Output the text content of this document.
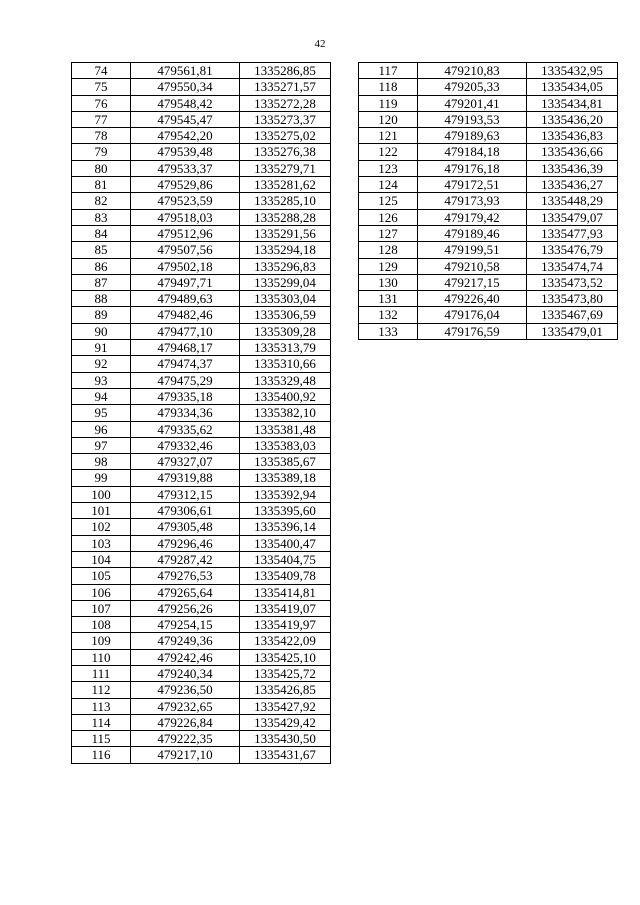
42
74	479561,81	1335286,85
75	479550,34	1335271,57
76	479548,42	1335272,28
77	479545,47	1335273,37
78	479542,20	1335275,02
79	479539,48	1335276,38
80	479533,37	1335279,71
81	479529,86	1335281,62
82	479523,59	1335285,10
83	479518,03	1335288,28
84	479512,96	1335291,56
85	479507,56	1335294,18
86	479502,18	1335296,83
87	479497,71	1335299,04
88	479489,63	1335303,04
89	479482,46	1335306,59
90	479477,10	1335309,28
91	479468,17	1335313,79
92	479474,37	1335310,66
93	479475,29	1335329,48
94	479335,18	1335400,92
95	479334,36	1335382,10
96	479335,62	1335381,48
97	479332,46	1335383,03
98	479327,07	1335385,67
99	479319,88	1335389,18
100	479312,15	1335392,94
101	479306,61	1335395,60
102	479305,48	1335396,14
103	479296,46	1335400,47
104	479287,42	1335404,75
105	479276,53	1335409,78
106	479265,64	1335414,81
107	479256,26	1335419,07
108	479254,15	1335419,97
109	479249,36	1335422,09
110	479242,46	1335425,10
111	479240,34	1335425,72
112	479236,50	1335426,85
113	479232,65	1335427,92
114	479226,84	1335429,42
115	479222,35	1335430,50
116	479217,10	1335431,67
117	479210,83	1335432,95
118	479205,33	1335434,05
119	479201,41	1335434,81
120	479193,53	1335436,20
121	479189,63	1335436,83
122	479184,18	1335436,66
123	479176,18	1335436,39
124	479172,51	1335436,27
125	479173,93	1335448,29
126	479179,42	1335479,07
127	479189,46	1335477,93
128	479199,51	1335476,79
129	479210,58	1335474,74
130	479217,15	1335473,52
131	479226,40	1335473,80
132	479176,04	1335467,69
133	479176,59	1335479,01
